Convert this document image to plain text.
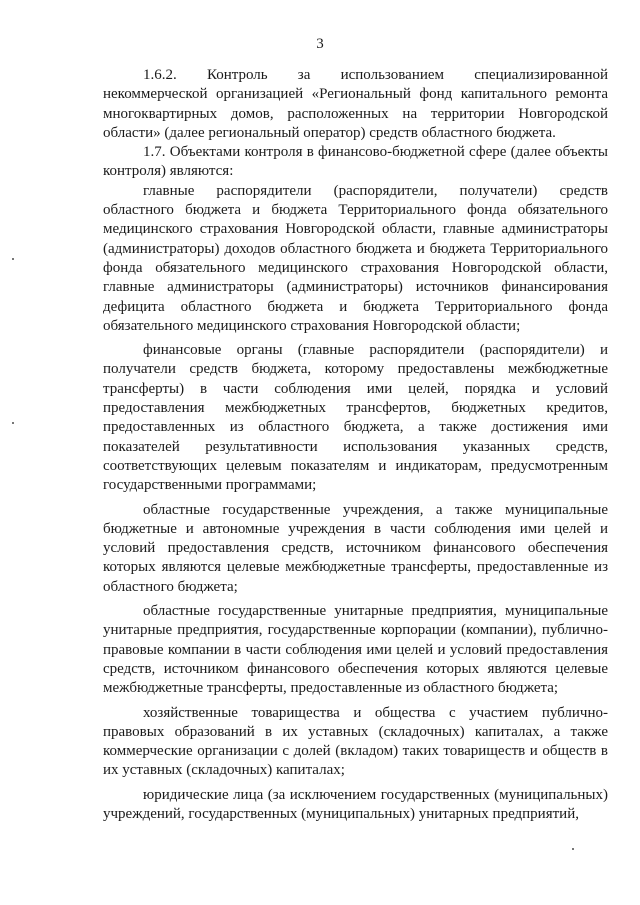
3

1.6.2. Контроль за использованием специализированной некоммерческой организацией «Региональный фонд капитального ремонта многоквартирных домов, расположенных на территории Новгородской области» (далее региональный оператор) средств областного бюджета.

1.7. Объектами контроля в финансово-бюджетной сфере (далее объекты контроля) являются:

главные распорядители (распорядители, получатели) средств областного бюджета и бюджета Территориального фонда обязательного медицинского страхования Новгородской области, главные администраторы (администраторы) доходов областного бюджета и бюджета Территориального фонда обязательного медицинского страхования Новгородской области, главные администраторы (администраторы) источников финансирования дефицита областного бюджета и бюджета Территориального фонда обязательного медицинского страхования Новгородской области;

финансовые органы (главные распорядители (распорядители) и получатели средств бюджета, которому предоставлены межбюджетные трансферты) в части соблюдения ими целей, порядка и условий предоставления межбюджетных трансфертов, бюджетных кредитов, предоставленных из областного бюджета, а также достижения ими показателей результативности использования указанных средств, соответствующих целевым показателям и индикаторам, предусмотренным государственными программами;

областные государственные учреждения, а также муниципальные бюджетные и автономные учреждения в части соблюдения ими целей и условий предоставления средств, источником финансового обеспечения которых являются целевые межбюджетные трансферты, предоставленные из областного бюджета;

областные государственные унитарные предприятия, муниципальные унитарные предприятия, государственные корпорации (компании), публично-правовые компании в части соблюдения ими целей и условий предоставления средств, источником финансового обеспечения которых являются целевые межбюджетные трансферты, предоставленные из областного бюджета;

хозяйственные товарищества и общества с участием публично-правовых образований в их уставных (складочных) капиталах, а также коммерческие организации с долей (вкладом) таких товариществ и обществ в их уставных (складочных) капиталах;

юридические лица (за исключением государственных (муниципальных) учреждений, государственных (муниципальных) унитарных предприятий,
